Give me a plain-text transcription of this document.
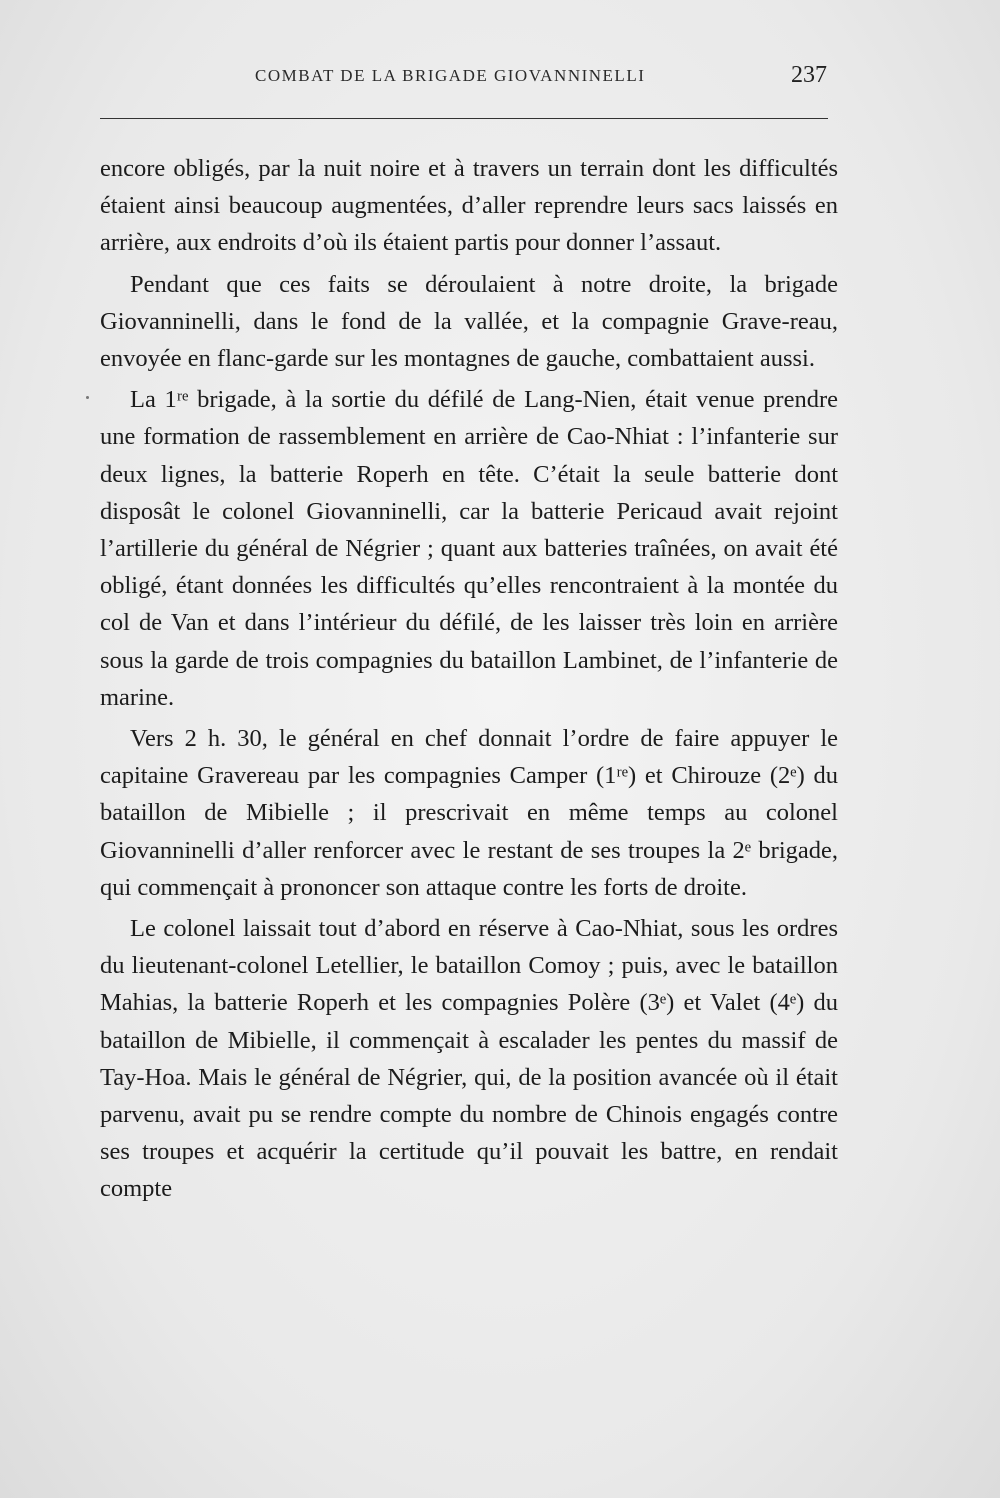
COMBAT DE LA BRIGADE GIOVANNINELLI	237

encore obligés, par la nuit noire et à travers un terrain dont les difficultés étaient ainsi beaucoup augmentées, d’aller reprendre leurs sacs laissés en arrière, aux endroits d’où ils étaient partis pour donner l’assaut.

Pendant que ces faits se déroulaient à notre droite, la brigade Giovanninelli, dans le fond de la vallée, et la compagnie Grave-reau, envoyée en flanc-garde sur les montagnes de gauche, combattaient aussi.

La 1ʳᵉ brigade, à la sortie du défilé de Lang-Nien, était venue prendre une formation de rassemblement en arrière de Cao-Nhiat : l’infanterie sur deux lignes, la batterie Roperh en tête. C’était la seule batterie dont disposât le colonel Giovanninelli, car la batterie Pericaud avait rejoint l’artillerie du général de Négrier ; quant aux batteries traînées, on avait été obligé, étant données les difficultés qu’elles rencontraient à la montée du col de Van et dans l’intérieur du défilé, de les laisser très loin en arrière sous la garde de trois compagnies du bataillon Lambinet, de l’infanterie de marine.

Vers 2 h. 30, le général en chef donnait l’ordre de faire appuyer le capitaine Gravereau par les compagnies Camper (1ʳᵉ) et Chirouze (2ᵉ) du bataillon de Mibielle ; il prescrivait en même temps au colonel Giovanninelli d’aller renforcer avec le restant de ses troupes la 2ᵉ brigade, qui commençait à prononcer son attaque contre les forts de droite.

Le colonel laissait tout d’abord en réserve à Cao-Nhiat, sous les ordres du lieutenant-colonel Letellier, le bataillon Comoy ; puis, avec le bataillon Mahias, la batterie Roperh et les compagnies Polère (3ᵉ) et Valet (4ᵉ) du bataillon de Mibielle, il commençait à escalader les pentes du massif de Tay-Hoa. Mais le général de Négrier, qui, de la position avancée où il était parvenu, avait pu se rendre compte du nombre de Chinois engagés contre ses troupes et acquérir la certitude qu’il pouvait les battre, en rendait compte
